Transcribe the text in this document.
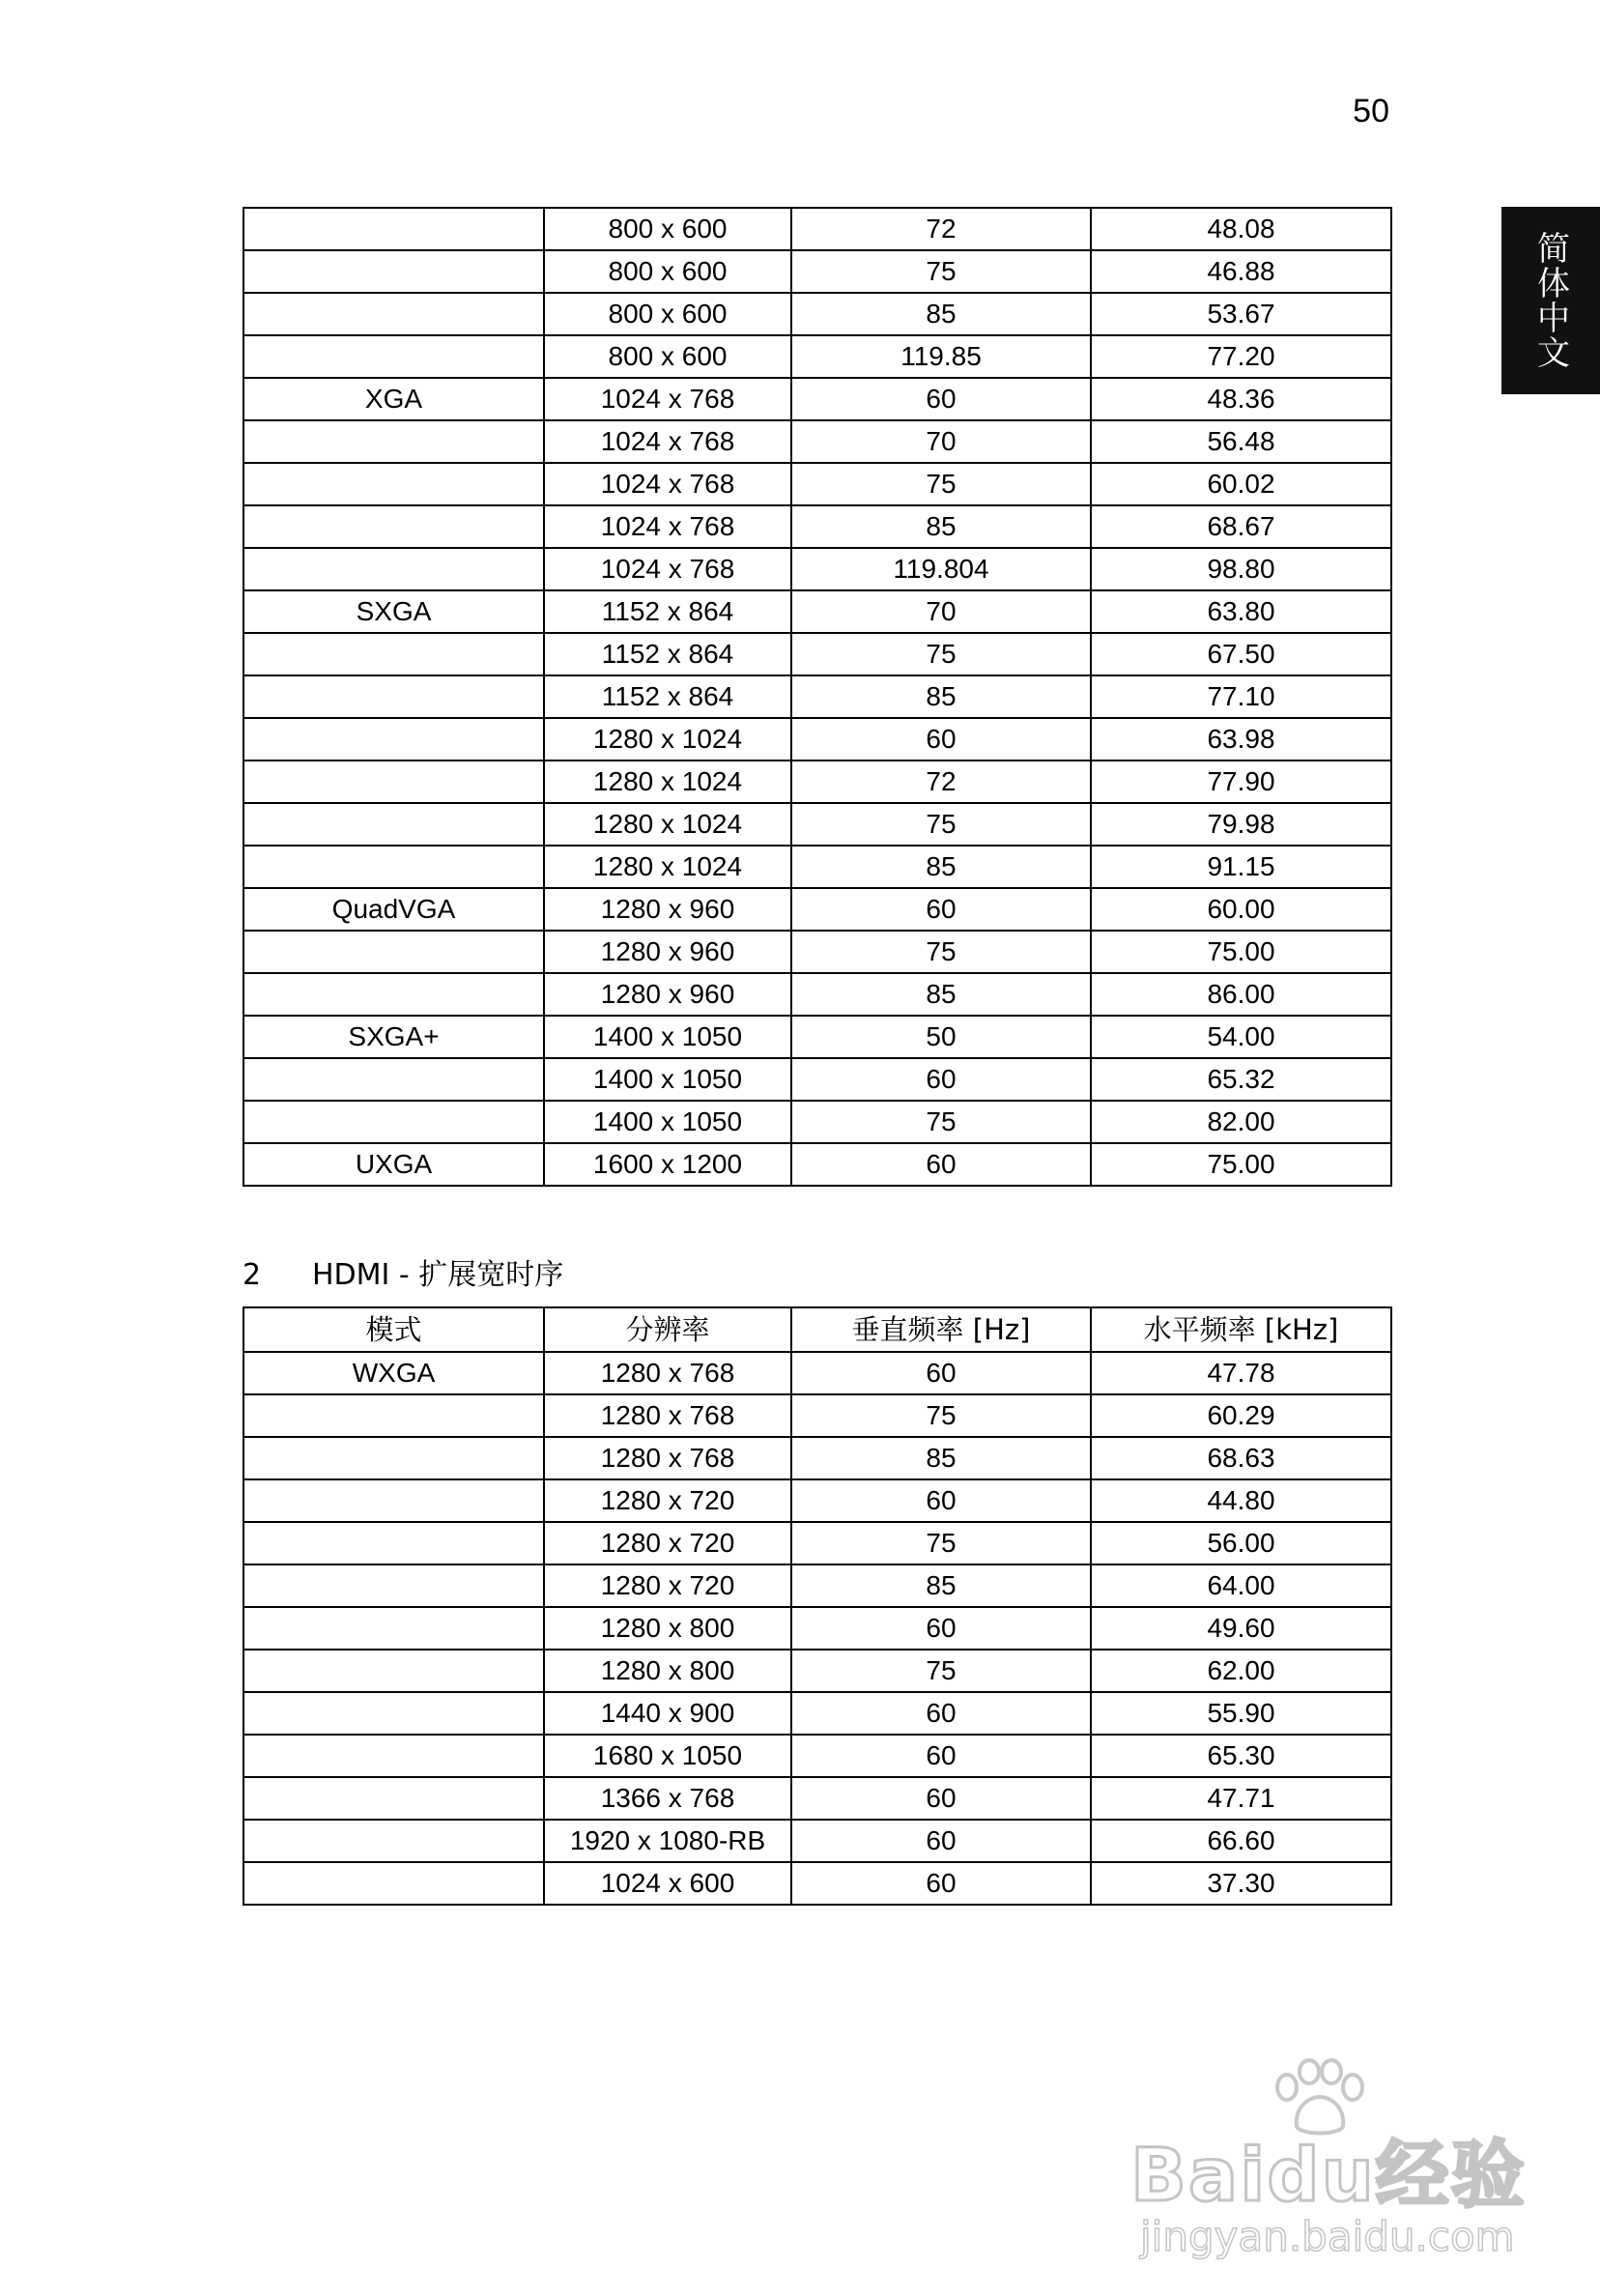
50
简体中文
	800 x 600	72	48.08
	800 x 600	75	46.88
	800 x 600	85	53.67
	800 x 600	119.85	77.20
XGA	1024 x 768	60	48.36
	1024 x 768	70	56.48
	1024 x 768	75	60.02
	1024 x 768	85	68.67
	1024 x 768	119.804	98.80
SXGA	1152 x 864	70	63.80
	1152 x 864	75	67.50
	1152 x 864	85	77.10
	1280 x 1024	60	63.98
	1280 x 1024	72	77.90
	1280 x 1024	75	79.98
	1280 x 1024	85	91.15
QuadVGA	1280 x 960	60	60.00
	1280 x 960	75	75.00
	1280 x 960	85	86.00
SXGA+	1400 x 1050	50	54.00
	1400 x 1050	60	65.32
	1400 x 1050	75	82.00
UXGA	1600 x 1200	60	75.00
2 HDMI - 扩展宽时序
模式	分辨率	垂直频率 [Hz]	水平频率 [kHz]
WXGA	1280 x 768	60	47.78
	1280 x 768	75	60.29
	1280 x 768	85	68.63
	1280 x 720	60	44.80
	1280 x 720	75	56.00
	1280 x 720	85	64.00
	1280 x 800	60	49.60
	1280 x 800	75	62.00
	1440 x 900	60	55.90
	1680 x 1050	60	65.30
	1366 x 768	60	47.71
	1920 x 1080-RB	60	66.60
	1024 x 600	60	37.30
Baidu经验
jingyan.baidu.com
